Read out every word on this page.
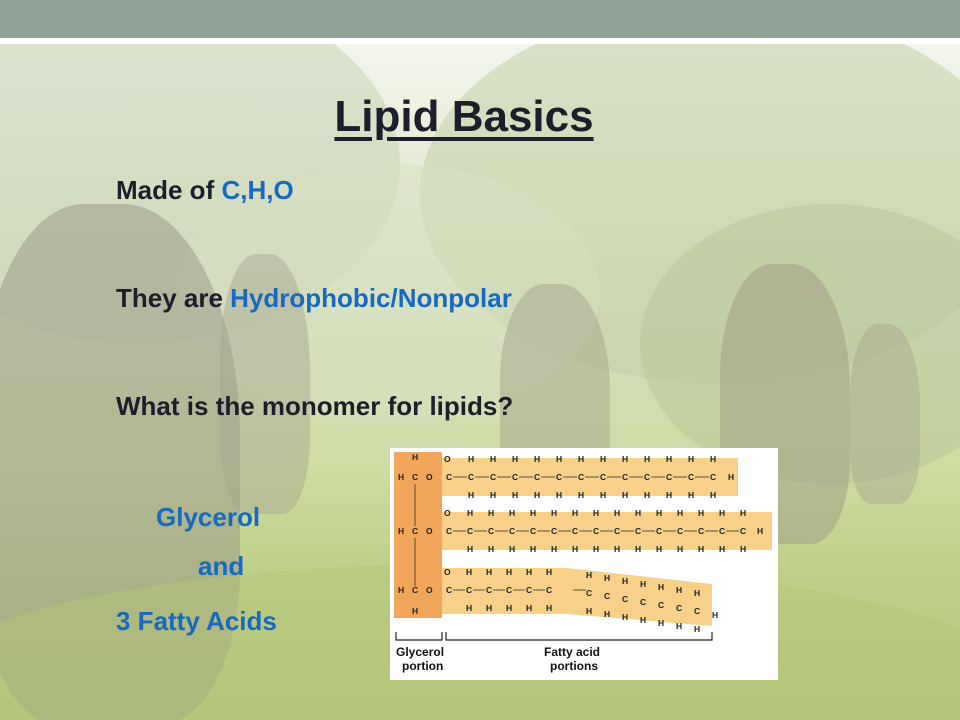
Lipid Basics
Made of C,H,O
They are Hydrophobic/Nonpolar
What is the monomer for lipids?
Glycerol
and
3 Fatty Acids
H
H C O
C O
H
C O
H
H
O
C C
H
H
C
H
H
C
H
H
C
H
H
C
H
H
C
H
H
C
H
H
C
H
H
C
H
H
C
H
H
C
H
H
C
H
H
H
O
C C
H
H
C
H
H
C
H
H
C
H
H
C
H
H
C
H
H
C
H
H
C
H
H
C
H
H
C
H
H
C
H
H
C
H
H
C
H
H
C
H
H
H
O
C C
H
H
C
H
H
C
H
H
C
H
H
C
H
H
C
H
H
C
H
H
C
H
H
C
H
H
C
H
H
C
H
H
C
H
H
H
Glycerol
portion
Fatty acid
portions
